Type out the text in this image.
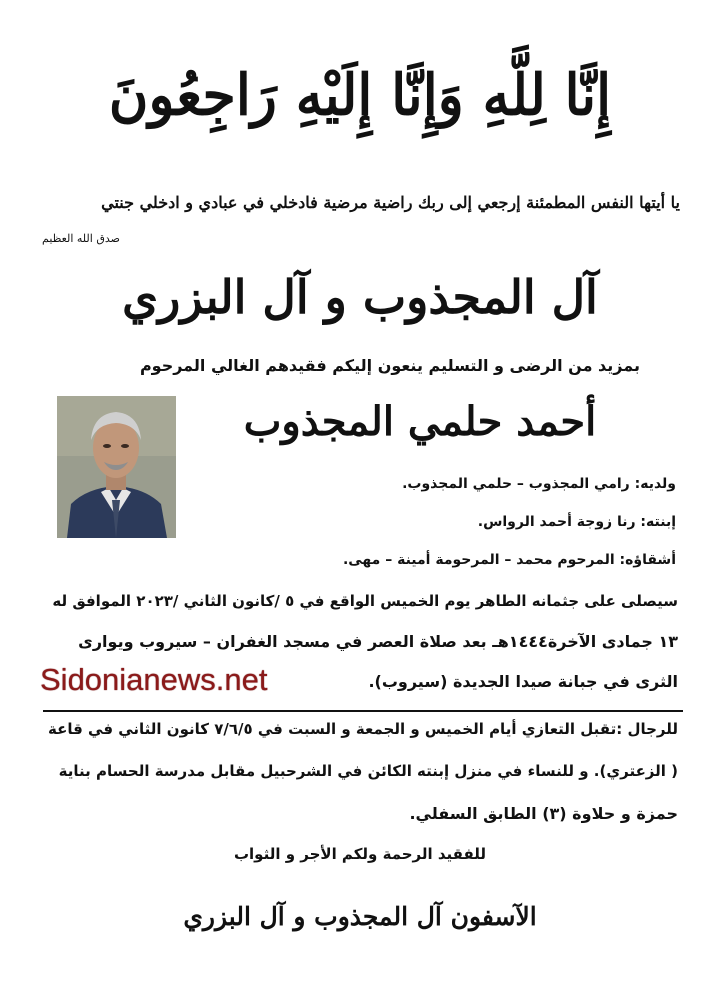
إِنَّا لِلَّهِ وَإِنَّا إِلَيْهِ رَاجِعُونَ
يا أيتها النفس المطمئنة إرجعي إلى ربك راضية مرضية فادخلي في عبادي و ادخلي جنتي
صدق الله العظيم
آل المجذوب و آل البزري
بمزيد من الرضى و التسليم ينعون إليكم فقيدهم الغالي المرحوم
أحمد حلمي المجذوب
ولديه: رامي المجذوب – حلمي المجذوب.
إبنته: رنا زوجة أحمد الرواس.
أشقاؤه: المرحوم محمد – المرحومة أمينة – مهى.
سيصلى على جثمانه الطاهر يوم الخميس الواقع في ٥ /كانون الثاني /٢٠٢٣ الموافق له
١٣ جمادى الآخرة١٤٤٤هـ بعد صلاة العصر في مسجد الغفران – سيروب ويوارى
الثرى في جبانة صيدا الجديدة (سيروب).
Sidonianews.net
للرجال :تقبل التعازي أيام الخميس و الجمعة و السبت في ٧/٦/٥ كانون الثاني في قاعة
( الزعتري). و للنساء في منزل إبنته الكائن في الشرحبيل مقابل مدرسة الحسام بناية
حمزة و حلاوة (٣) الطابق السفلي.
للفقيد الرحمة ولكم الأجر و الثواب
الآسفون آل المجذوب و آل البزري
